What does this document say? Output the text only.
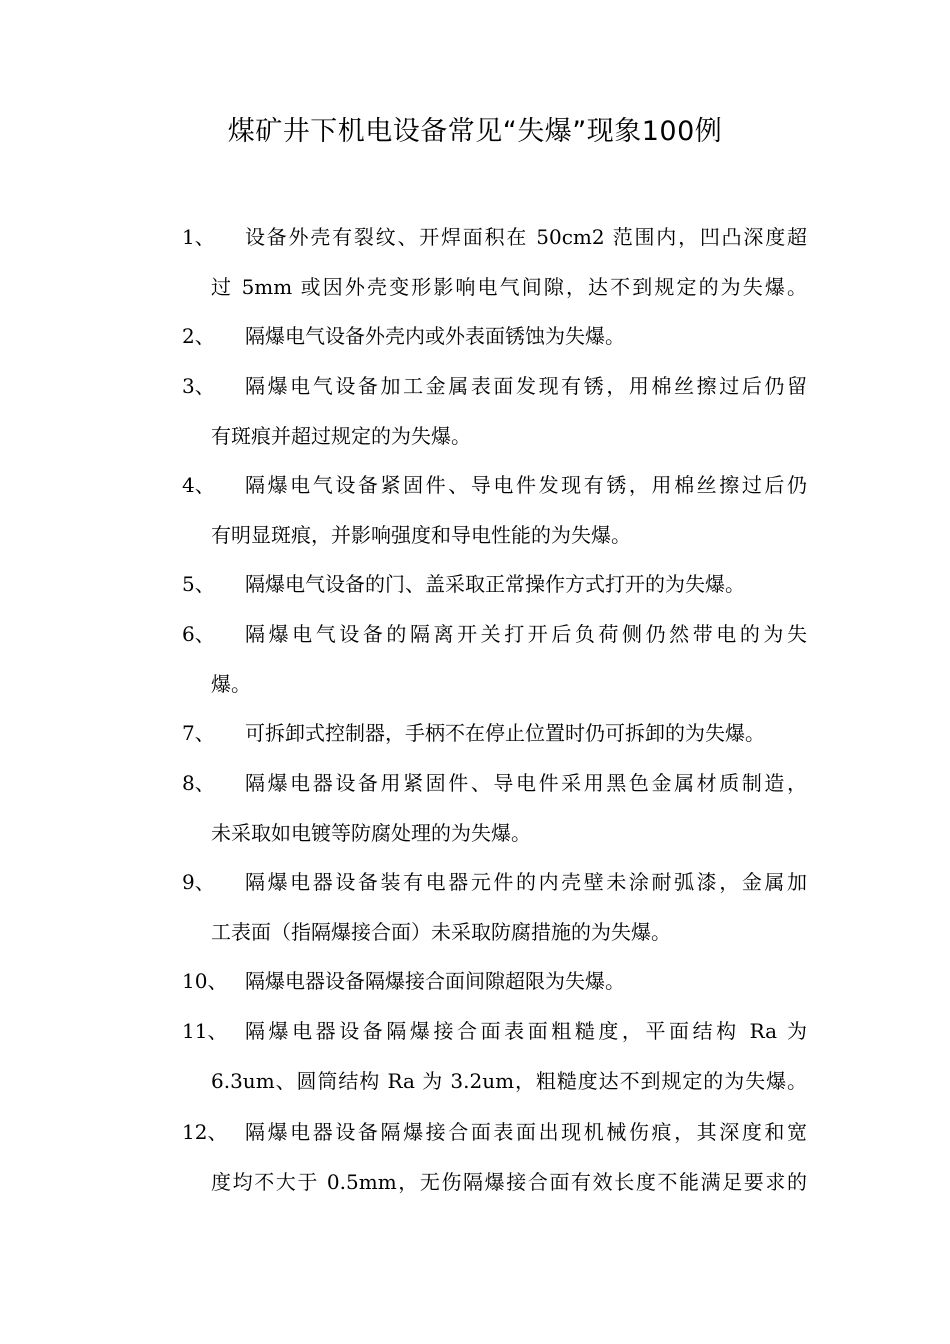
煤矿井下机电设备常见“失爆”现象100例
1、 设备外壳有裂纹、开焊面积在 50cm2 范围内，凹凸深度超
过 5mm 或因外壳变形影响电气间隙，达不到规定的为失爆。
2、 隔爆电气设备外壳内或外表面锈蚀为失爆。
3、 隔爆电气设备加工金属表面发现有锈，用棉丝擦过后仍留
有斑痕并超过规定的为失爆。
4、 隔爆电气设备紧固件、导电件发现有锈，用棉丝擦过后仍
有明显斑痕，并影响强度和导电性能的为失爆。
5、 隔爆电气设备的门、盖采取正常操作方式打开的为失爆。
6、 隔爆电气设备的隔离开关打开后负荷侧仍然带电的为失
爆。
7、 可拆卸式控制器，手柄不在停止位置时仍可拆卸的为失爆。
8、 隔爆电器设备用紧固件、导电件采用黑色金属材质制造，
未采取如电镀等防腐处理的为失爆。
9、 隔爆电器设备装有电器元件的内壳壁未涂耐弧漆，金属加
工表面（指隔爆接合面）未采取防腐措施的为失爆。
10、 隔爆电器设备隔爆接合面间隙超限为失爆。
11、 隔爆电器设备隔爆接合面表面粗糙度，平面结构 Ra 为
6.3um、圆筒结构 Ra 为 3.2um，粗糙度达不到规定的为失爆。
12、 隔爆电器设备隔爆接合面表面出现机械伤痕，其深度和宽
度均不大于 0.5mm，无伤隔爆接合面有效长度不能满足要求的
